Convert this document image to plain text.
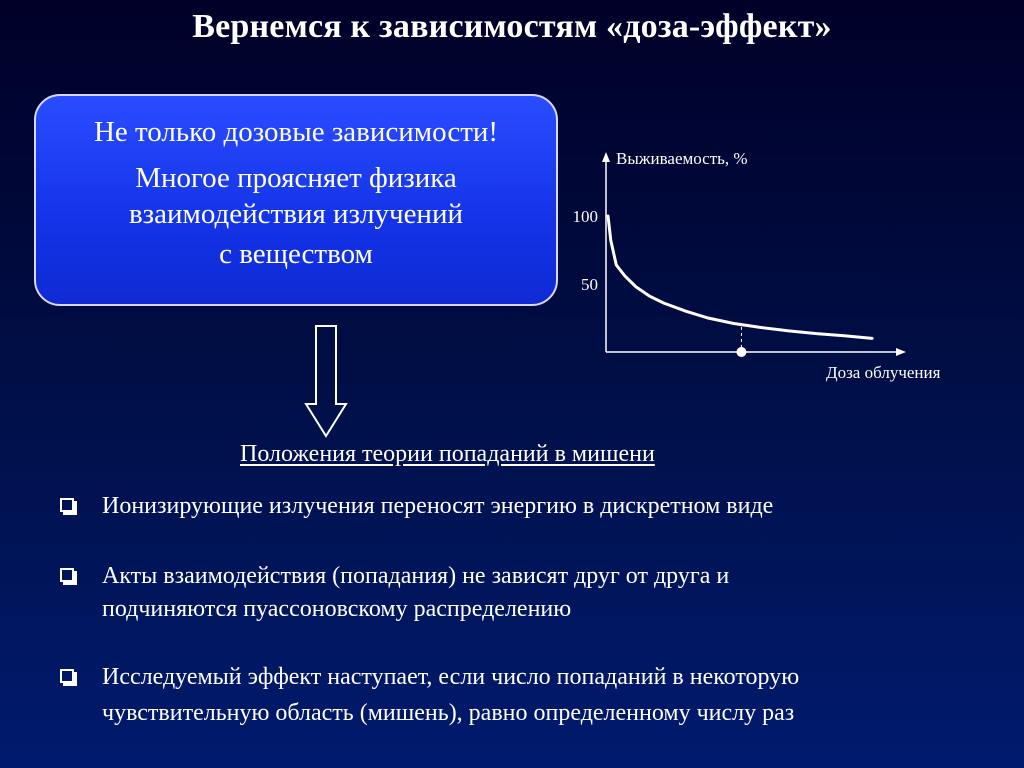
Вернемся к зависимостям «доза-эффект»
Не только дозовые зависимости!
Многое проясняет физика
взаимодействия излучений
с веществом
Выживаемость, %
Доза облучения
100
50
Положения теории попаданий в мишени
Ионизирующие излучения переносят энергию в дискретном виде
Акты взаимодействия (попадания) не зависят друг от друга и
подчиняются пуассоновскому распределению
Исследуемый эффект наступает, если число попаданий в некоторую
чувствительную область (мишень), равно определенному числу раз
